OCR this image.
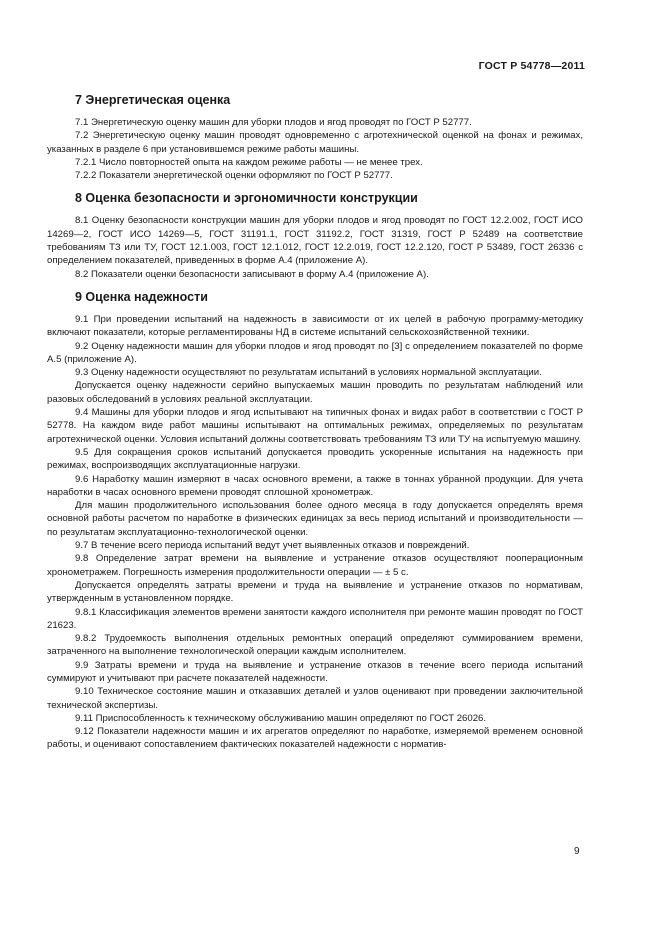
ГОСТ Р 54778—2011
7 Энергетическая оценка

7.1 Энергетическую оценку машин для уборки плодов и ягод проводят по ГОСТ Р 52777.

7.2 Энергетическую оценку машин проводят одновременно с агротехнической оценкой на фонах и режимах, указанных в разделе 6 при установившемся режиме работы машины.

7.2.1 Число повторностей опыта на каждом режиме работы — не менее трех.

7.2.2 Показатели энергетической оценки оформляют по ГОСТ Р 52777.

8 Оценка безопасности и эргономичности конструкции

8.1 Оценку безопасности конструкции машин для уборки плодов и ягод проводят по ГОСТ 12.2.002, ГОСТ ИСО 14269—2, ГОСТ ИСО 14269—5, ГОСТ 31191.1, ГОСТ 31192.2, ГОСТ 31319, ГОСТ Р 52489 на соответствие требованиям ТЗ или ТУ, ГОСТ 12.1.003, ГОСТ 12.1.012, ГОСТ 12.2.019, ГОСТ 12.2.120, ГОСТ Р 53489, ГОСТ 26336 с определением показателей, приведенных в форме А.4 (приложение А).

8.2 Показатели оценки безопасности записывают в форму А.4 (приложение А).

9 Оценка надежности

9.1 При проведении испытаний на надежность в зависимости от их целей в рабочую программу-методику включают показатели, которые регламентированы НД в системе испытаний сельскохозяйственной техники.

9.2 Оценку надежности машин для уборки плодов и ягод проводят по [3] с определением показателей по форме А.5 (приложение А).

9.3 Оценку надежности осуществляют по результатам испытаний в условиях нормальной эксплуатации.

Допускается оценку надежности серийно выпускаемых машин проводить по результатам наблюдений или разовых обследований в условиях реальной эксплуатации.

9.4 Машины для уборки плодов и ягод испытывают на типичных фонах и видах работ в соответствии с ГОСТ Р 52778. На каждом виде работ машины испытывают на оптимальных режимах, определяемых по результатам агротехнической оценки. Условия испытаний должны соответствовать требованиям ТЗ или ТУ на испытуемую машину.

9.5 Для сокращения сроков испытаний допускается проводить ускоренные испытания на надежность при режимах, воспроизводящих эксплуатационные нагрузки.

9.6 Наработку машин измеряют в часах основного времени, а также в тоннах убранной продукции. Для учета наработки в часах основного времени проводят сплошной хронометраж.

Для машин продолжительного использования более одного месяца в году допускается определять время основной работы расчетом по наработке в физических единицах за весь период испытаний и производительности — по результатам эксплуатационно-технологической оценки.

9.7 В течение всего периода испытаний ведут учет выявленных отказов и повреждений.

9.8 Определение затрат времени на выявление и устранение отказов осуществляют пооперационным хронометражем. Погрешность измерения продолжительности операции — ± 5 с.

Допускается определять затраты времени и труда на выявление и устранение отказов по нормативам, утвержденным в установленном порядке.

9.8.1 Классификация элементов времени занятости каждого исполнителя при ремонте машин проводят по ГОСТ 21623.

9.8.2 Трудоемкость выполнения отдельных ремонтных операций определяют суммированием времени, затраченного на выполнение технологической операции каждым исполнителем.

9.9 Затраты времени и труда на выявление и устранение отказов в течение всего периода испытаний суммируют и учитывают при расчете показателей надежности.

9.10 Техническое состояние машин и отказавших деталей и узлов оценивают при проведении заключительной технической экспертизы.

9.11 Приспособленность к техническому обслуживанию машин определяют по ГОСТ 26026.

9.12 Показатели надежности машин и их агрегатов определяют по наработке, измеряемой временем основной работы, и оценивают сопоставлением фактических показателей надежности с норматив-

9
